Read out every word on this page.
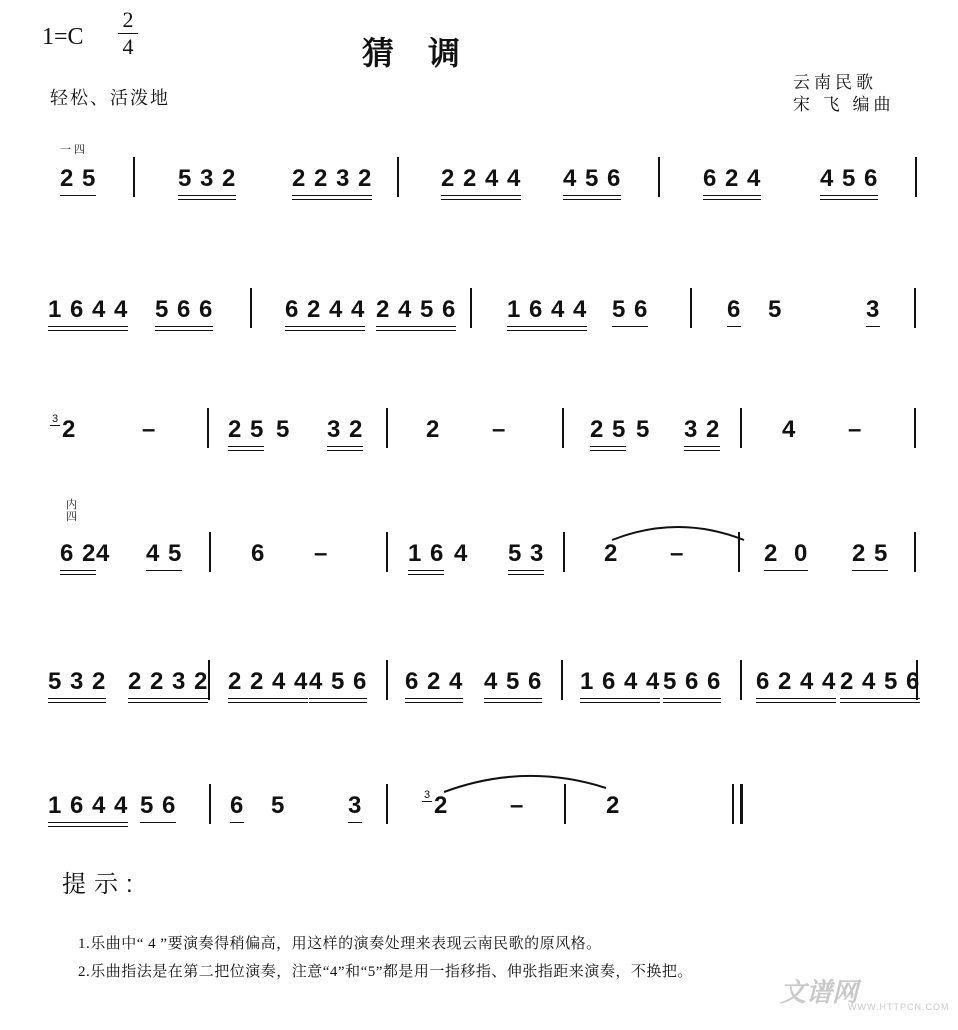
1=C
2
4	猜调
云南民歌
宋 飞 编曲
轻松、活泼地
一 四
2 5	5 3 2 2 2 3 2	2 2 4 4 4 5 6	6 2 4 4 5 6
1 6 4 4 5 6 6	6 2 4 4 2 4 5 6 1 6 4 4 5 6	6 5	3
3 2	–	2 5 5 3 2	2 –	2 5 5 3 2	4 –
内
四
6 2 4 4 5	6 –	1 6 4 5 3 2 –	2 0 2 5
5 3 2 2 2 3 2 2 2 4 4 4 5 6 6 2 4 4 5 6 1 6 4 4 5 6 6 6 2 4 4 2 4 5 6
1 6 4 4 5 6 6 5	3	3 2	–	2
提示:
1.乐曲中“ 4 ”要演奏得稍偏高，用这样的演奏处理来表现云南民歌的原风格。
2.乐曲指法是在第二把位演奏，注意“4”和“5”都是用一指移指、伸张指距来演奏，不换把。
文谱网
WWW.HTTPCN.COM
